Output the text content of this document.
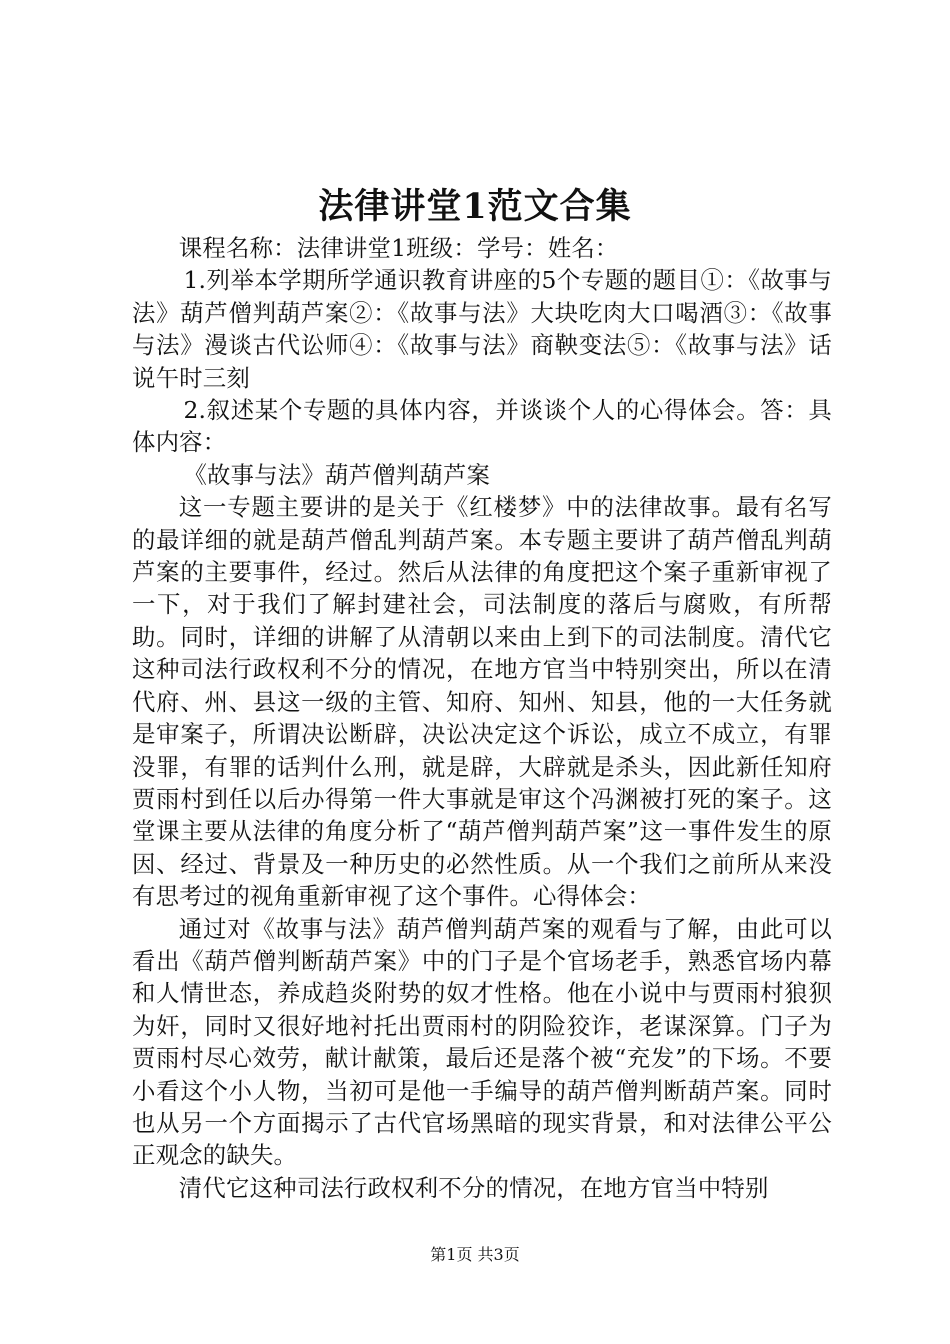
法律讲堂1范文合集

课程名称：法律讲堂1班级：学号：姓名：

1.列举本学期所学通识教育讲座的5个专题的题目①：《故事与法》葫芦僧判葫芦案②：《故事与法》大块吃肉大口喝酒③：《故事与法》漫谈古代讼师④：《故事与法》商鞅变法⑤：《故事与法》话说午时三刻

2.叙述某个专题的具体内容，并谈谈个人的心得体会。答：具体内容：

《故事与法》葫芦僧判葫芦案

这一专题主要讲的是关于《红楼梦》中的法律故事。最有名写的最详细的就是葫芦僧乱判葫芦案。本专题主要讲了葫芦僧乱判葫芦案的主要事件，经过。然后从法律的角度把这个案子重新审视了一下，对于我们了解封建社会，司法制度的落后与腐败，有所帮助。同时，详细的讲解了从清朝以来由上到下的司法制度。清代它这种司法行政权利不分的情况，在地方官当中特别突出，所以在清代府、州、县这一级的主管、知府、知州、知县，他的一大任务就是审案子，所谓决讼断辟，决讼决定这个诉讼，成立不成立，有罪没罪，有罪的话判什么刑，就是辟，大辟就是杀头，因此新任知府贾雨村到任以后办得第一件大事就是审这个冯渊被打死的案子。这堂课主要从法律的角度分析了“葫芦僧判葫芦案”这一事件发生的原因、经过、背景及一种历史的必然性质。从一个我们之前所从来没有思考过的视角重新审视了这个事件。心得体会：

通过对《故事与法》葫芦僧判葫芦案的观看与了解，由此可以看出《葫芦僧判断葫芦案》中的门子是个官场老手，熟悉官场内幕和人情世态，养成趋炎附势的奴才性格。他在小说中与贾雨村狼狈为奸，同时又很好地衬托出贾雨村的阴险狡诈，老谋深算。门子为贾雨村尽心效劳，献计献策，最后还是落个被“充发”的下场。不要小看这个小人物，当初可是他一手编导的葫芦僧判断葫芦案。同时也从另一个方面揭示了古代官场黑暗的现实背景，和对法律公平公正观念的缺失。

清代它这种司法行政权利不分的情况，在地方官当中特别

第1页 共3页
